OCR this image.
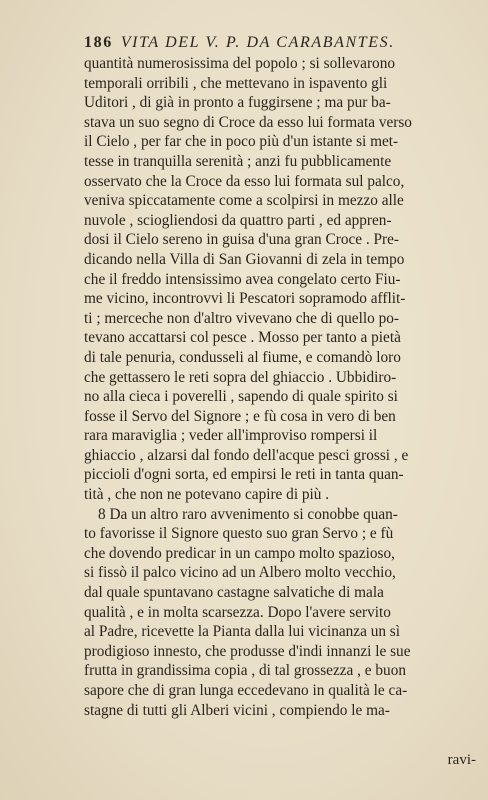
186 VITA DEL V. P. DA CARABANTES.
quantità numerosissima del popolo ; si sollevarono
temporali orribili , che mettevano in ispavento gli
Uditori , di già in pronto a fuggirsene ; ma pur ba-
stava un suo segno di Croce da esso lui formata verso
il Cielo , per far che in poco più d'un istante si met-
tesse in tranquilla serenità ; anzi fu pubblicamente
osservato che la Croce da esso lui formata sul palco,
veniva spiccatamente come a scolpirsi in mezzo alle
nuvole , sciogliendosi da quattro parti , ed appren-
dosi il Cielo sereno in guisa d'una gran Croce . Pre-
dicando nella Villa di San Giovanni di zela in tempo
che il freddo intensissimo avea congelato certo Fiu-
me vicino, incontrovvi li Pescatori sopramodo afflit-
ti ; merceche non d'altro vivevano che di quello po-
tevano accattarsi col pesce . Mosso per tanto a pietà
di tale penuria, condusseli al fiume, e comandò loro
che gettassero le reti sopra del ghiaccio . Ubbidiro-
no alla cieca i poverelli , sapendo di quale spirito si
fosse il Servo del Signore ; e fù cosa in vero di ben
rara maraviglia ; veder all'improviso rompersi il
ghiaccio , alzarsi dal fondo dell'acque pesci grossi , e
piccioli d'ogni sorta, ed empirsi le reti in tanta quan-
tità , che non ne potevano capire di più .
8 Da un altro raro avvenimento si conobbe quan-
to favorisse il Signore questo suo gran Servo ; e fù
che dovendo predicar in un campo molto spazioso,
si fissò il palco vicino ad un Albero molto vecchio,
dal quale spuntavano castagne salvatiche di mala
qualità , e in molta scarsezza. Dopo l'avere servito
al Padre, ricevette la Pianta dalla lui vicinanza un sì
prodigioso innesto, che produsse d'indi innanzi le sue
frutta in grandissima copia , di tal grossezza , e buon
sapore che di gran lunga eccedevano in qualità le ca-
stagne di tutti gli Alberi vicini , compiendo le ma-
ravi-
